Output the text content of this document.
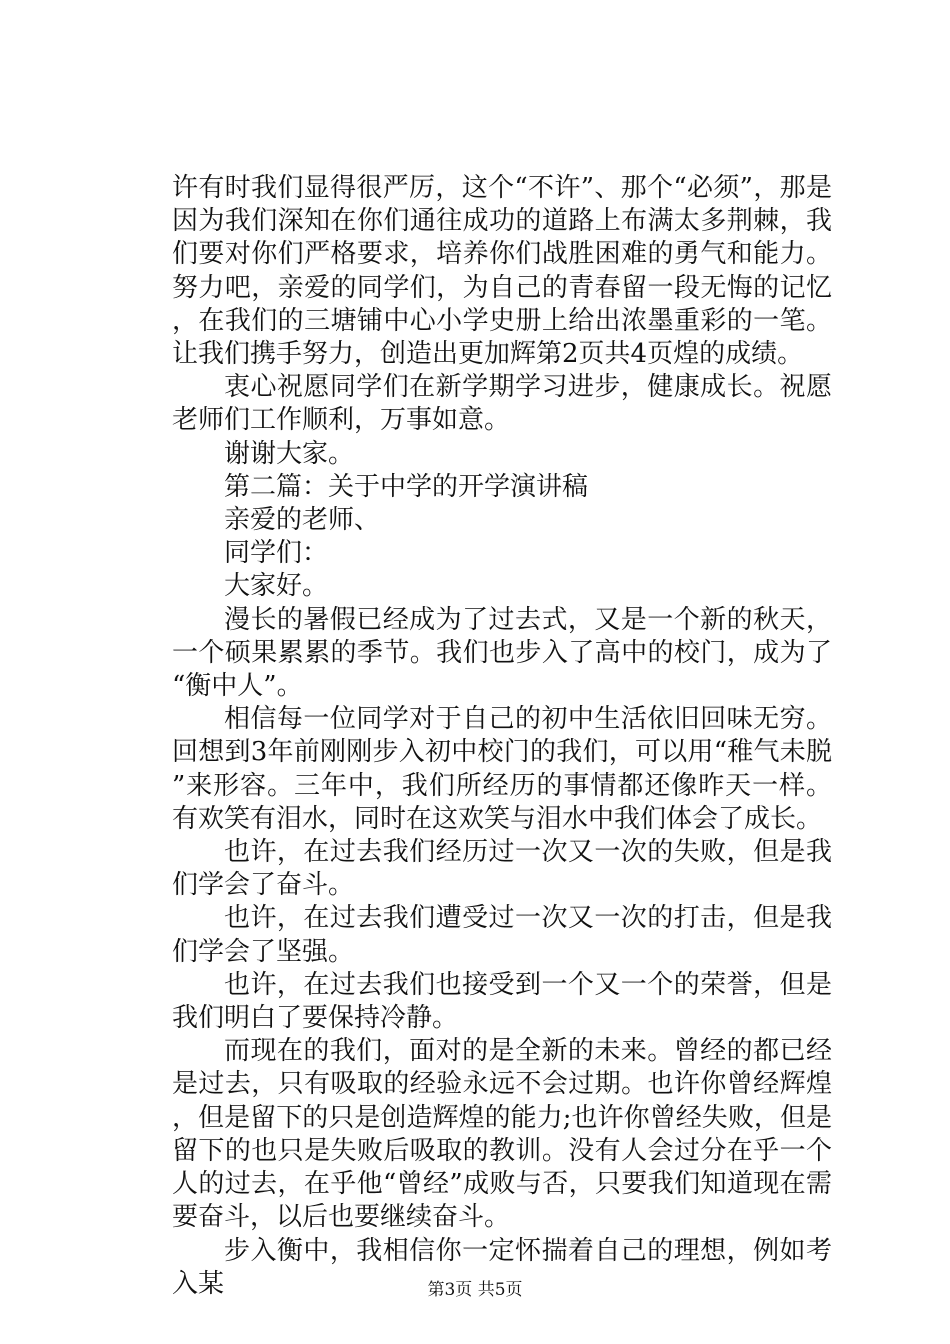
许有时我们显得很严厉，这个“不许”、那个“必须”，那是因为我们深知在你们通往成功的道路上布满太多荆棘，我们要对你们严格要求，培养你们战胜困难的勇气和能力。努力吧，亲爱的同学们，为自己的青春留一段无悔的记忆，在我们的三塘铺中心小学史册上给出浓墨重彩的一笔。让我们携手努力，创造出更加辉第2页共4页煌的成绩。

衷心祝愿同学们在新学期学习进步，健康成长。祝愿老师们工作顺利，万事如意。

谢谢大家。

第二篇：关于中学的开学演讲稿

亲爱的老师、

同学们：

大家好。

漫长的暑假已经成为了过去式，又是一个新的秋天，一个硕果累累的季节。我们也步入了高中的校门，成为了“衡中人”。

相信每一位同学对于自己的初中生活依旧回味无穷。回想到3年前刚刚步入初中校门的我们，可以用“稚气未脱”来形容。三年中，我们所经历的事情都还像昨天一样。有欢笑有泪水，同时在这欢笑与泪水中我们体会了成长。

也许，在过去我们经历过一次又一次的失败，但是我们学会了奋斗。

也许，在过去我们遭受过一次又一次的打击，但是我们学会了坚强。

也许，在过去我们也接受到一个又一个的荣誉，但是我们明白了要保持冷静。

而现在的我们，面对的是全新的未来。曾经的都已经是过去，只有吸取的经验永远不会过期。也许你曾经辉煌，但是留下的只是创造辉煌的能力;也许你曾经失败，但是留下的也只是失败后吸取的教训。没有人会过分在乎一个人的过去，在乎他“曾经”成败与否，只要我们知道现在需要奋斗，以后也要继续奋斗。

步入衡中，我相信你一定怀揣着自己的理想，例如考入某	第3页 共5页
